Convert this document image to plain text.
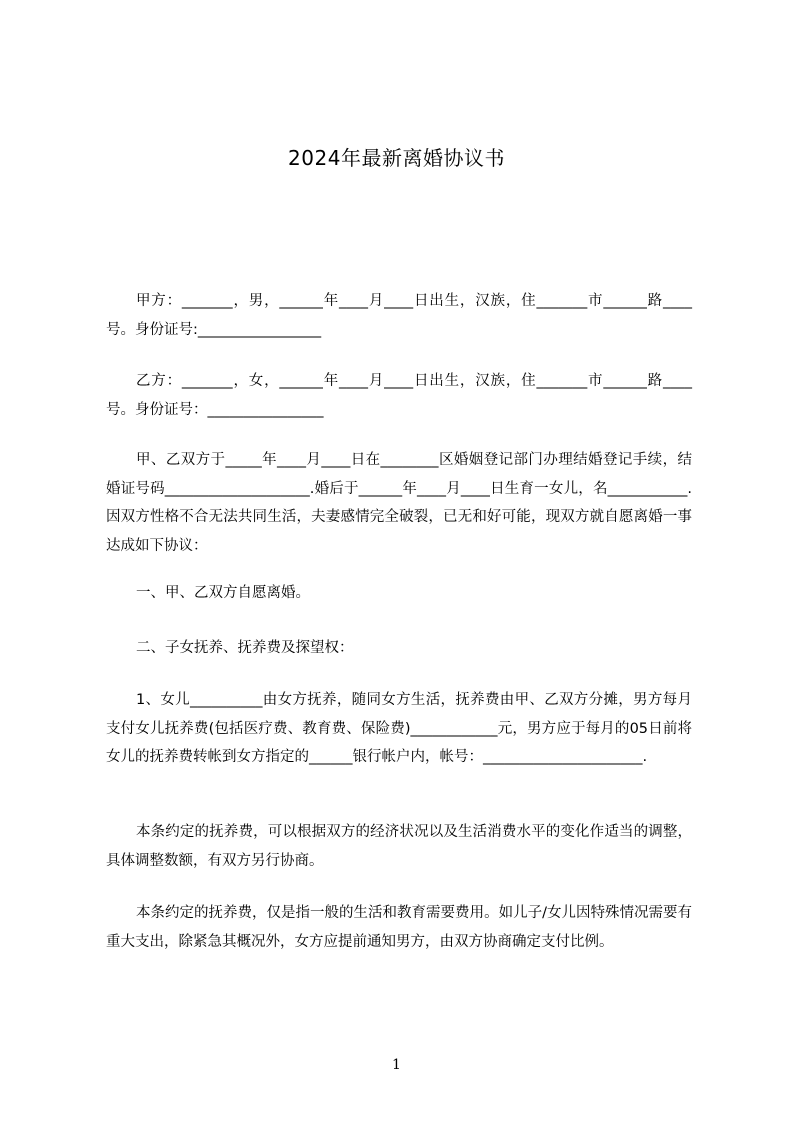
2024年最新离婚协议书

甲方：_______，男，______年____月____日出生，汉族，住_______市______路____号。身份证号:_________________

乙方：_______，女，______年____月____日出生，汉族，住_______市______路____号。身份证号：________________

甲、乙双方于_____年____月____日在________区婚姻登记部门办理结婚登记手续，结婚证号码____________________.婚后于______年____月____日生育一女儿，名___________.因双方性格不合无法共同生活，夫妻感情完全破裂，已无和好可能，现双方就自愿离婚一事达成如下协议：

一、甲、乙双方自愿离婚。

二、子女抚养、抚养费及探望权：

1、女儿__________由女方抚养，随同女方生活，抚养费由甲、乙双方分摊，男方每月支付女儿抚养费(包括医疗费、教育费、保险费)____________元，男方应于每月的05日前将女儿的抚养费转帐到女方指定的______银行帐户内，帐号：______________________.

本条约定的抚养费，可以根据双方的经济状况以及生活消费水平的变化作适当的调整，具体调整数额，有双方另行协商。

本条约定的抚养费，仅是指一般的生活和教育需要费用。如儿子/女儿因特殊情况需要有重大支出，除紧急其概况外，女方应提前通知男方，由双方协商确定支付比例。

1
